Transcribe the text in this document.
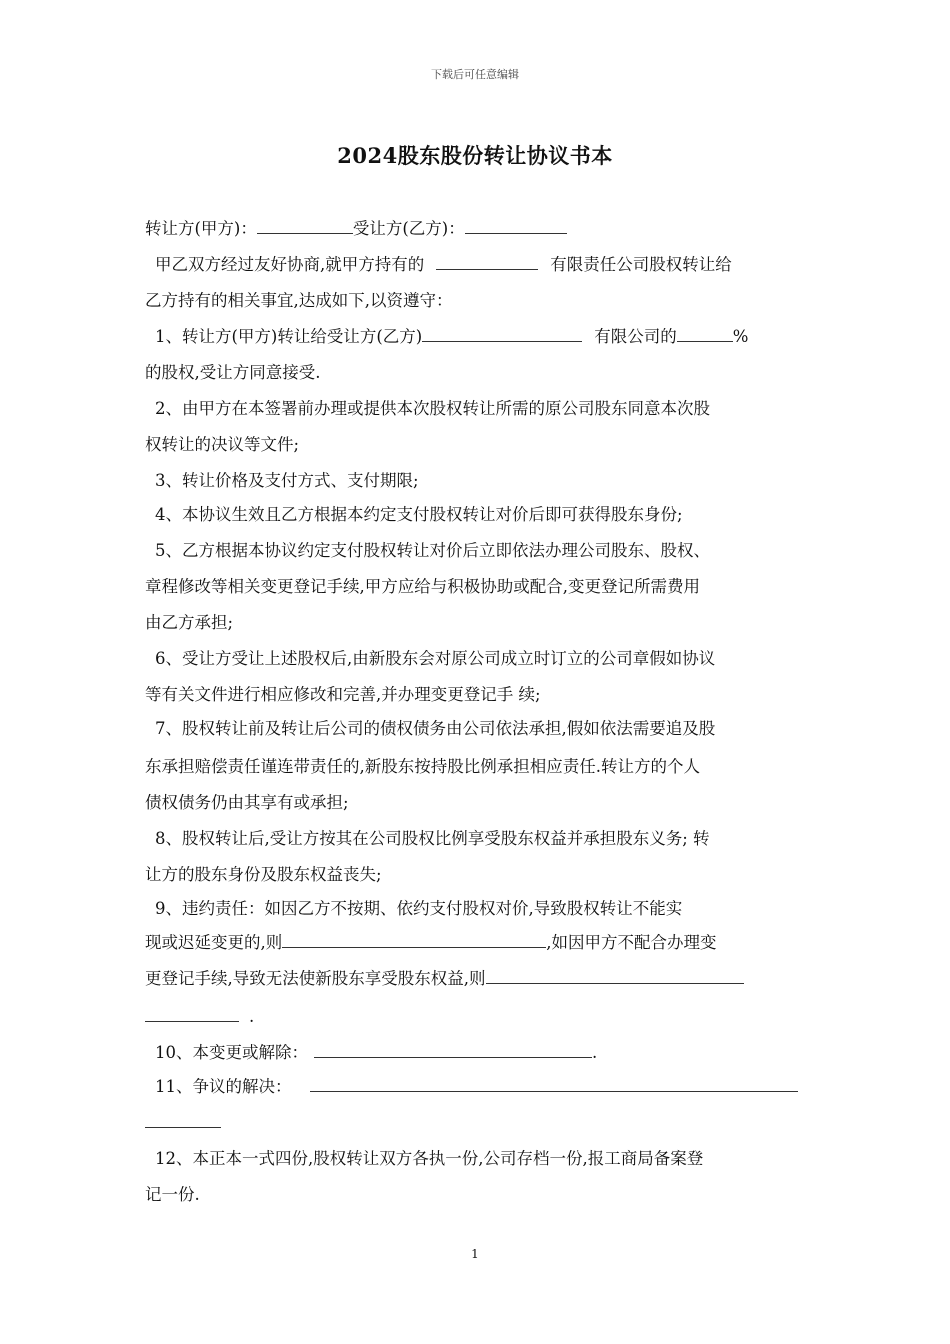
下载后可任意编辑
2024股东股份转让协议书本
转让方(甲方)：	受让方(乙方)：
甲乙双方经过友好协商,就甲方持有的	有限责任公司股权转让给
乙方持有的相关事宜,达成如下,以资遵守：
1、转让方(甲方)转让给受让方(乙方)	有限公司的	%
的股权,受让方同意接受.
2、由甲方在本签署前办理或提供本次股权转让所需的原公司股东同意本次股
权转让的决议等文件;
3、转让价格及支付方式、支付期限;
4、本协议生效且乙方根据本约定支付股权转让对价后即可获得股东身份;
5、乙方根据本协议约定支付股权转让对价后立即依法办理公司股东、股权、
章程修改等相关变更登记手续,甲方应给与积极协助或配合,变更登记所需费用
由乙方承担;
6、受让方受让上述股权后,由新股东会对原公司成立时订立的公司章假如协议
等有关文件进行相应修改和完善,并办理变更登记手 续;
7、股权转让前及转让后公司的债权债务由公司依法承担,假如依法需要追及股
东承担赔偿责任谨连带责任的,新股东按持股比例承担相应责任.转让方的个人
债权债务仍由其享有或承担;
8、股权转让后,受让方按其在公司股权比例享受股东权益并承担股东义务; 转
让方的股东身份及股东权益丧失;
9、违约责任：如因乙方不按期、依约支付股权对价,导致股权转让不能实
现或迟延变更的,则	,如因甲方不配合办理变
更登记手续,导致无法使新股东享受股东权益,则
.
10、本变更或解除：	.
11、争议的解决：
12、本正本一式四份,股权转让双方各执一份,公司存档一份,报工商局备案登
记一份.
1
